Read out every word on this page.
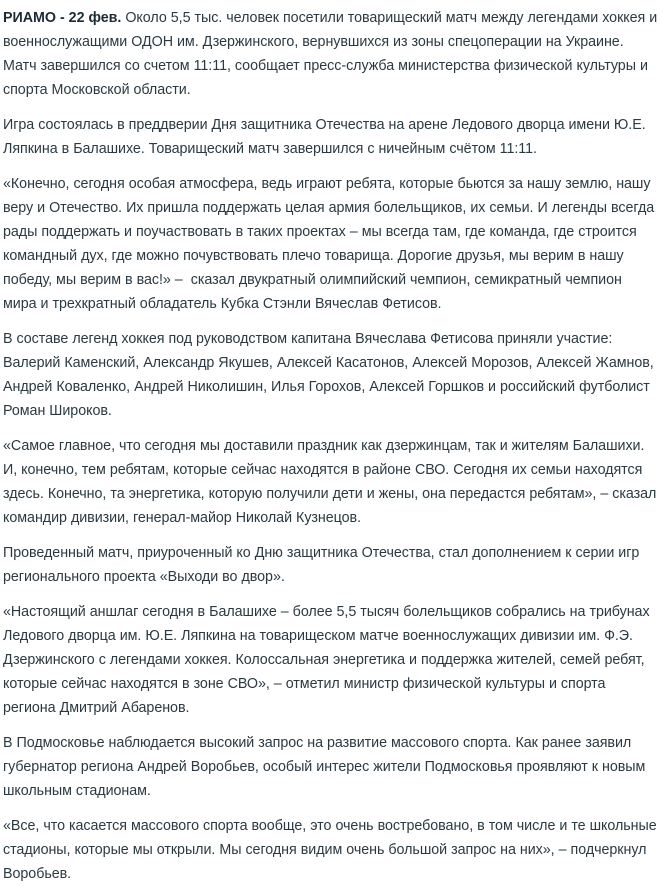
РИАМО - 22 фев. Около 5,5 тыс. человек посетили товарищеский матч между легендами хоккея и военнослужащими ОДОН им. Дзержинского, вернувшихся из зоны спецоперации на Украине. Матч завершился со счетом 11:11, сообщает пресс-служба министерства физической культуры и спорта Московской области.

Игра состоялась в преддверии Дня защитника Отечества на арене Ледового дворца имени Ю.Е. Ляпкина в Балашихе. Товарищеский матч завершился с ничейным счётом 11:11.

«Конечно, сегодня особая атмосфера, ведь играют ребята, которые бьются за нашу землю, нашу веру и Отечество. Их пришла поддержать целая армия болельщиков, их семьи. И легенды всегда рады поддержать и поучаствовать в таких проектах – мы всегда там, где команда, где строится командный дух, где можно почувствовать плечо товарища. Дорогие друзья, мы верим в нашу победу, мы верим в вас!» –  сказал двукратный олимпийский чемпион, семикратный чемпион мира и трехкратный обладатель Кубка Стэнли Вячеслав Фетисов.

В составе легенд хоккея под руководством капитана Вячеслава Фетисова приняли участие: Валерий Каменский, Александр Якушев, Алексей Касатонов, Алексей Морозов, Алексей Жамнов, Андрей Коваленко, Андрей Николишин, Илья Горохов, Алексей Горшков и российский футболист Роман Широков.

«Самое главное, что сегодня мы доставили праздник как дзержинцам, так и жителям Балашихи. И, конечно, тем ребятам, которые сейчас находятся в районе СВО. Сегодня их семьи находятся здесь. Конечно, та энергетика, которую получили дети и жены, она передастся ребятам», – сказал командир дивизии, генерал-майор Николай Кузнецов.

Проведенный матч, приуроченный ко Дню защитника Отечества, стал дополнением к серии игр регионального проекта «Выходи во двор».

«Настоящий аншлаг сегодня в Балашихе – более 5,5 тысяч болельщиков собрались на трибунах Ледового дворца им. Ю.Е. Ляпкина на товарищеском матче военнослужащих дивизии им. Ф.Э. Дзержинского с легендами хоккея. Колоссальная энергетика и поддержка жителей, семей ребят, которые сейчас находятся в зоне СВО», – отметил министр физической культуры и спорта региона Дмитрий Абаренов.

В Подмосковье наблюдается высокий запрос на развитие массового спорта. Как ранее заявил губернатор региона Андрей Воробьев, особый интерес жители Подмосковья проявляют к новым школьным стадионам.

«Все, что касается массового спорта вообще, это очень востребовано, в том числе и те школьные стадионы, которые мы открыли. Мы сегодня видим очень большой запрос на них», – подчеркнул Воробьев.
